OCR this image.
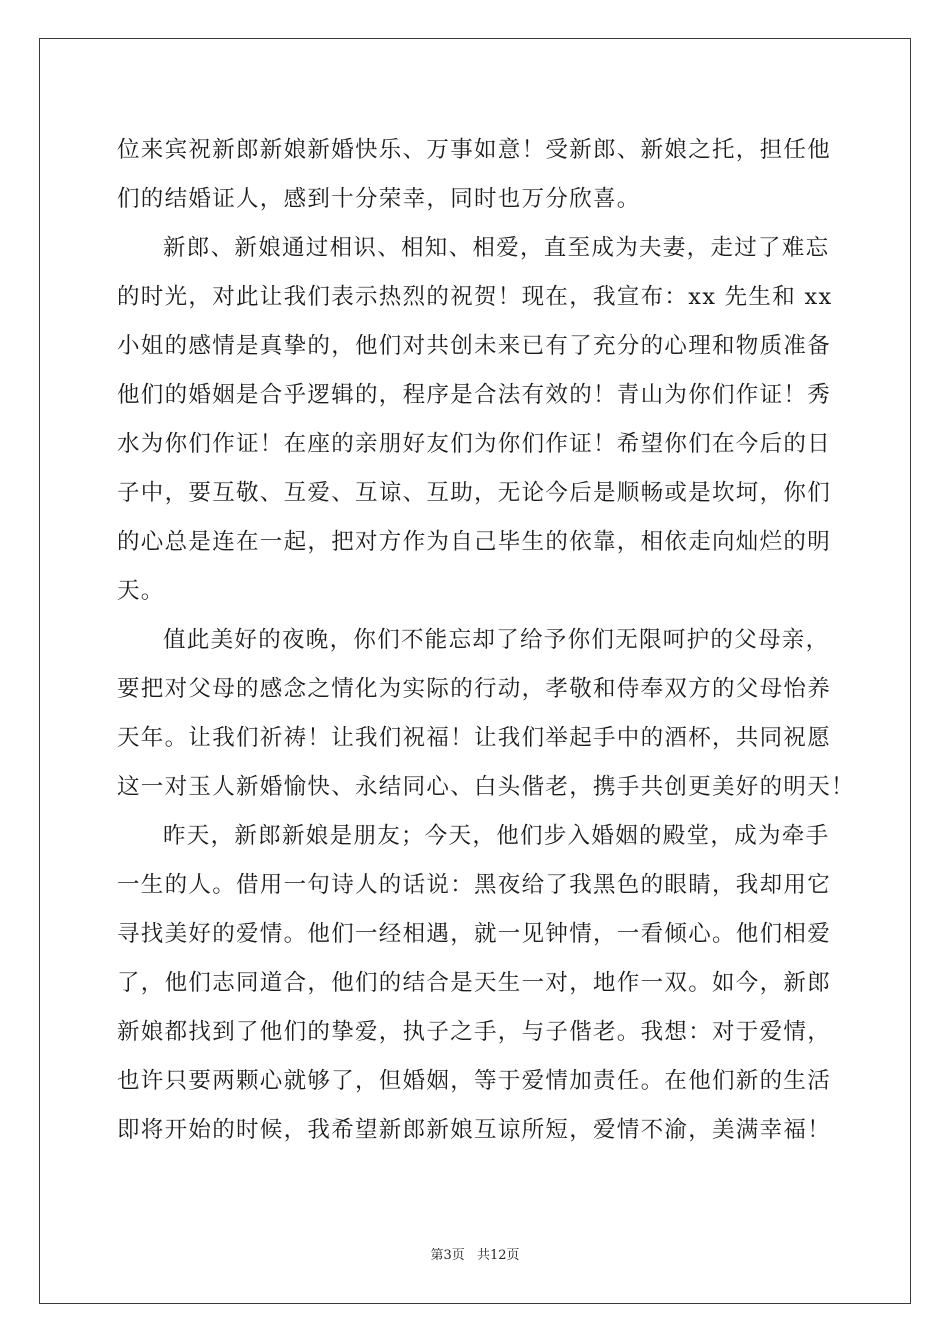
位来宾祝新郎新娘新婚快乐、万事如意！受新郎、新娘之托，担任他
们的结婚证人，感到十分荣幸，同时也万分欣喜。
新郎、新娘通过相识、相知、相爱，直至成为夫妻，走过了难忘
的时光，对此让我们表示热烈的祝贺！现在，我宣布：xx 先生和 xx
小姐的感情是真挚的，他们对共创未来已有了充分的心理和物质准备
他们的婚姻是合乎逻辑的，程序是合法有效的！青山为你们作证！秀
水为你们作证！在座的亲朋好友们为你们作证！希望你们在今后的日
子中，要互敬、互爱、互谅、互助，无论今后是顺畅或是坎坷，你们
的心总是连在一起，把对方作为自己毕生的依靠，相依走向灿烂的明
天。
值此美好的夜晚，你们不能忘却了给予你们无限呵护的父母亲，
要把对父母的感念之情化为实际的行动，孝敬和侍奉双方的父母怡养
天年。让我们祈祷！让我们祝福！让我们举起手中的酒杯，共同祝愿
这一对玉人新婚愉快、永结同心、白头偕老，携手共创更美好的明天！
昨天，新郎新娘是朋友；今天，他们步入婚姻的殿堂，成为牵手
一生的人。借用一句诗人的话说：黑夜给了我黑色的眼睛，我却用它
寻找美好的爱情。他们一经相遇，就一见钟情，一看倾心。他们相爱
了，他们志同道合，他们的结合是天生一对，地作一双。如今，新郎
新娘都找到了他们的挚爱，执子之手，与子偕老。我想：对于爱情，
也许只要两颗心就够了，但婚姻，等于爱情加责任。在他们新的生活
即将开始的时候，我希望新郎新娘互谅所短，爱情不渝，美满幸福！
第3页 共12页
